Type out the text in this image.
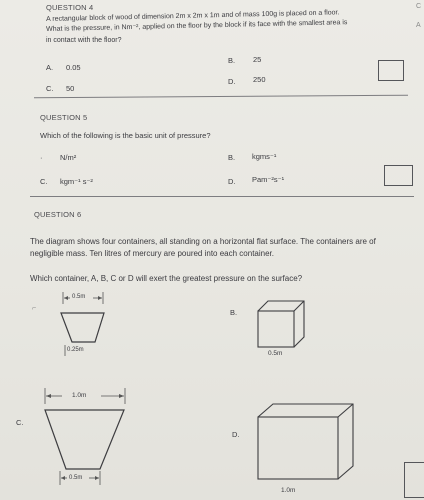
QUESTION 4
A rectangular block of wood of dimension 2m x 2m x 1m and of mass 100g is placed on a floor.
What is the pressure, in Nm⁻², applied on the floor by the block if its face with the smallest area is
in contact with the floor?
A. 0.05
B. 25
C. 50
D. 250
QUESTION 5
Which of the following is the basic unit of pressure?
· N/m²	B. kgms⁻¹
C. kgm⁻¹ s⁻²	D. Pam⁻²s⁻¹
QUESTION 6
The diagram shows four containers, all standing on a horizontal flat surface. The containers are of
negligible mass. Ten litres of mercury are poured into each container.
Which container, A, B, C or D will exert the greatest pressure on the surface?
⌐
0.5m
0.25m
B.
0.5m
C.
1.0m
0.5m
D.
1.0m
C
A
